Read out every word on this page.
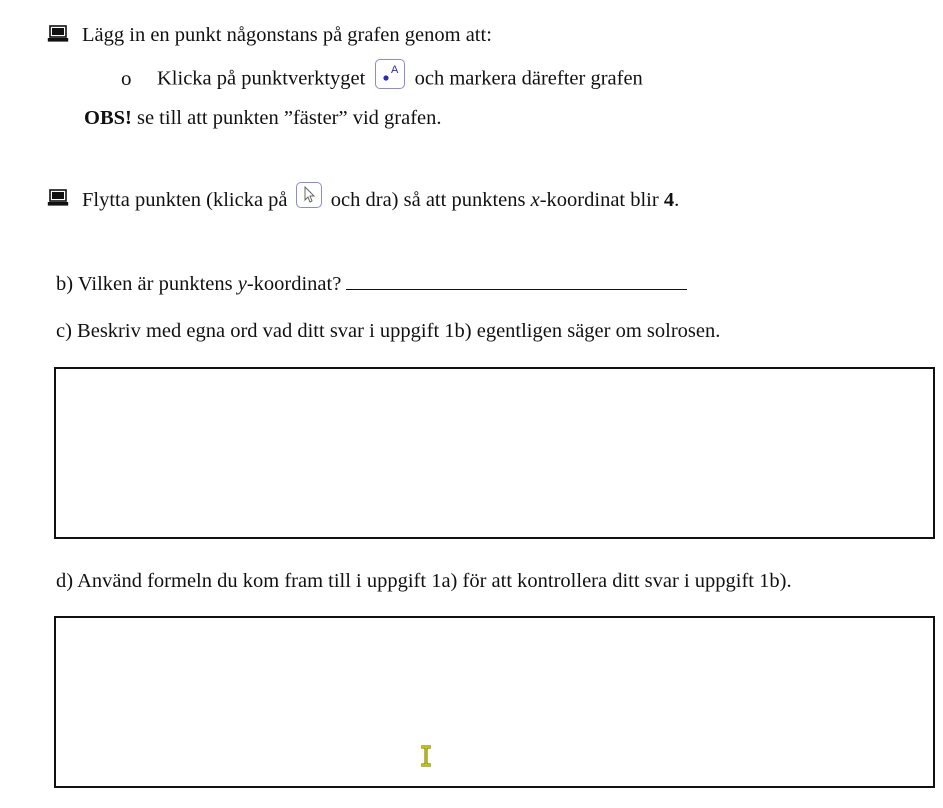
Lägg in en punkt någonstans på grafen genom att:
o Klicka på punktverktyget A och markera därefter grafen
OBS! se till att punkten ”fäster” vid grafen.
Flytta punkten (klicka på och dra) så att punktens x-koordinat blir 4.
b) Vilken är punktens y-koordinat?
c) Beskriv med egna ord vad ditt svar i uppgift 1b) egentligen säger om solrosen.
d) Använd formeln du kom fram till i uppgift 1a) för att kontrollera ditt svar i uppgift 1b).
